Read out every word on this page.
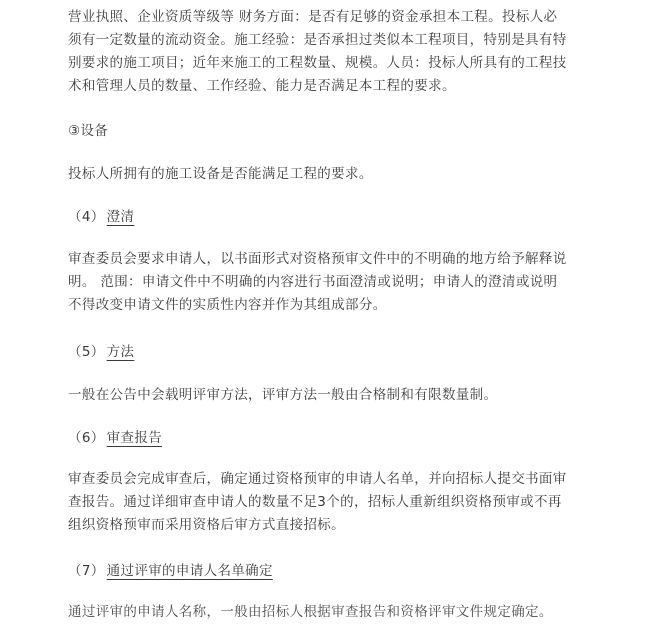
营业执照、企业资质等级等 财务方面：是否有足够的资金承担本工程。投标人必
须有一定数量的流动资金。施工经验：是否承担过类似本工程项目，特别是具有特
别要求的施工项目；近年来施工的工程数量、规模。人员：投标人所具有的工程技
术和管理人员的数量、工作经验、能力是否满足本工程的要求。
③设备
投标人所拥有的施工设备是否能满足工程的要求。
（4） 澄清
审查委员会要求申请人，以书面形式对资格预审文件中的不明确的地方给予解释说
明。 范围：申请文件中不明确的内容进行书面澄清或说明；申请人的澄清或说明
不得改变申请文件的实质性内容并作为其组成部分。
（5） 方法
一般在公告中会载明评审方法，评审方法一般由合格制和有限数量制。
（6） 审查报告
审查委员会完成审查后，确定通过资格预审的申请人名单，并向招标人提交书面审
查报告。通过详细审查申请人的数量不足3个的，招标人重新组织资格预审或不再
组织资格预审而采用资格后审方式直接招标。
（7） 通过评审的申请人名单确定
通过评审的申请人名称，一般由招标人根据审查报告和资格评审文件规定确定。
